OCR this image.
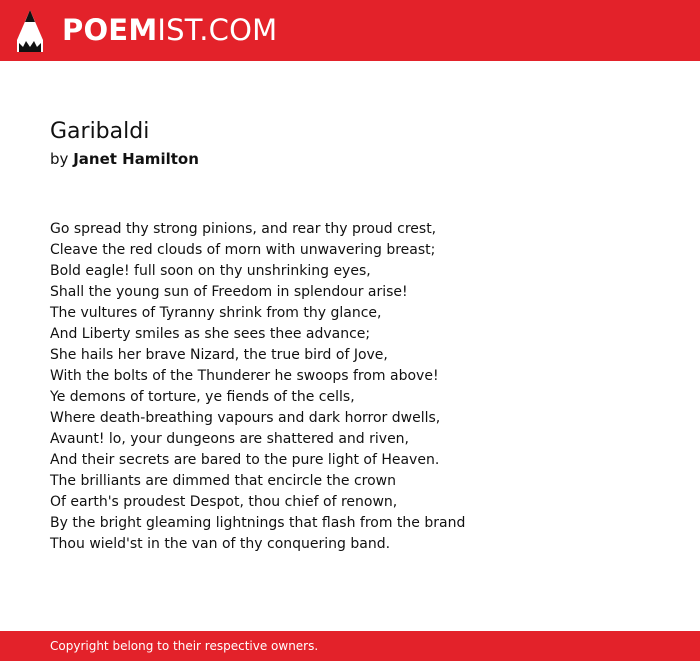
POEMIST.COM
Garibaldi
by Janet Hamilton
Go spread thy strong pinions, and rear thy proud crest,
Cleave the red clouds of morn with unwavering breast;
Bold eagle! full soon on thy unshrinking eyes,
Shall the young sun of Freedom in splendour arise!
The vultures of Tyranny shrink from thy glance,
And Liberty smiles as she sees thee advance;
She hails her brave Nizard, the true bird of Jove,
With the bolts of the Thunderer he swoops from above!
Ye demons of torture, ye fiends of the cells,
Where death-breathing vapours and dark horror dwells,
Avaunt! lo, your dungeons are shattered and riven,
And their secrets are bared to the pure light of Heaven.
The brilliants are dimmed that encircle the crown
Of earth's proudest Despot, thou chief of renown,
By the bright gleaming lightnings that flash from the brand
Thou wield'st in the van of thy conquering band.
Copyright belong to their respective owners.
